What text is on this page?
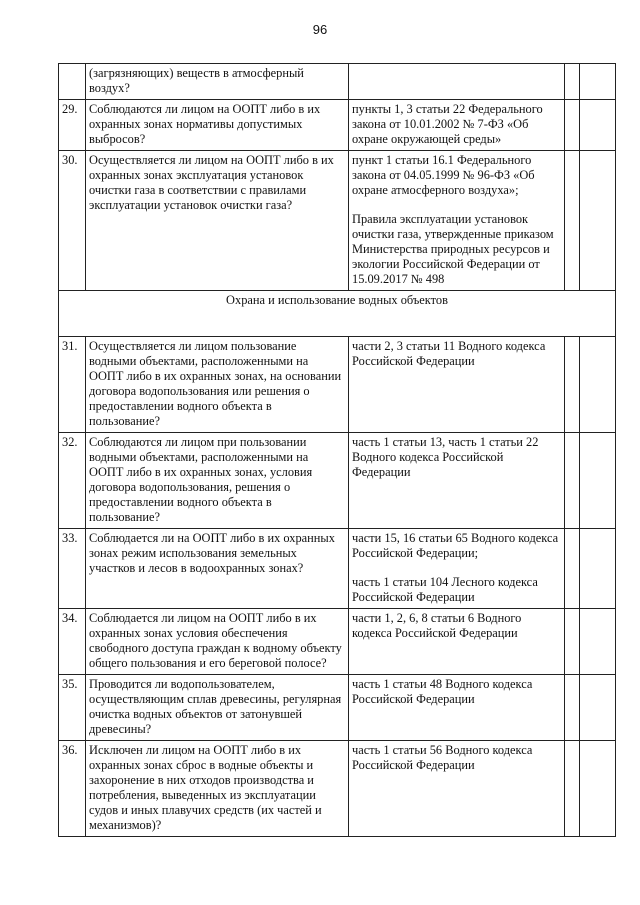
96
	(загрязняющих) веществ в атмосферный воздух?			
29.	Соблюдаются ли лицом на ООПТ либо в их охранных зонах нормативы допустимых выбросов?	пункты 1, 3 статьи 22 Федерального закона от 10.01.2002 № 7-ФЗ «Об охране окружающей среды»		

30.	Осуществляется ли лицом на ООПТ либо в их охранных зонах эксплуатация установок очистки газа в соответствии с правилами эксплуатации установок очистки газа?	пункт 1 статьи 16.1 Федерального закона от 04.05.1999 № 96-ФЗ «Об охране атмосферного воздуха»;
Правила эксплуатации установок очистки газа, утвержденные приказом Министерства природных ресурсов и экологии Российской Федерации от 15.09.2017 № 498		

Охрана и использование водных объектов				
31.	Осуществляется ли лицом пользование водными объектами, расположенными на ООПТ либо в их охранных зонах, на основании договора водопользования или решения о предоставлении водного объекта в пользование?	части 2, 3 статьи 11 Водного кодекса Российской Федерации		

32.	Соблюдаются ли лицом при пользовании водными объектами, расположенными на ООПТ либо в их охранных зонах, условия договора водопользования, решения о предоставлении водного объекта в пользование?	часть 1 статьи 13, часть 1 статьи 22 Водного кодекса Российской Федерации		

33.	Соблюдается ли на ООПТ либо в их охранных зонах режим использования земельных участков и лесов в водоохранных зонах?	части 15, 16 статьи 65 Водного кодекса Российской Федерации;
часть 1 статьи 104 Лесного кодекса Российской Федерации		

34.	Соблюдается ли лицом на ООПТ либо в их охранных зонах условия обеспечения свободного доступа граждан к водному объекту общего пользования и его береговой полосе?	части 1, 2, 6, 8 статьи 6 Водного кодекса Российской Федерации		

35.	Проводится ли водопользователем, осуществляющим сплав древесины, регулярная очистка водных объектов от затонувшей древесины?	часть 1 статьи 48 Водного кодекса Российской Федерации		

36.	Исключен ли лицом на ООПТ либо в их охранных зонах сброс в водные объекты и захоронение в них отходов производства и потребления, выведенных из эксплуатации судов и иных плавучих средств (их частей и механизмов)?	часть 1 статьи 56 Водного кодекса Российской Федерации		
